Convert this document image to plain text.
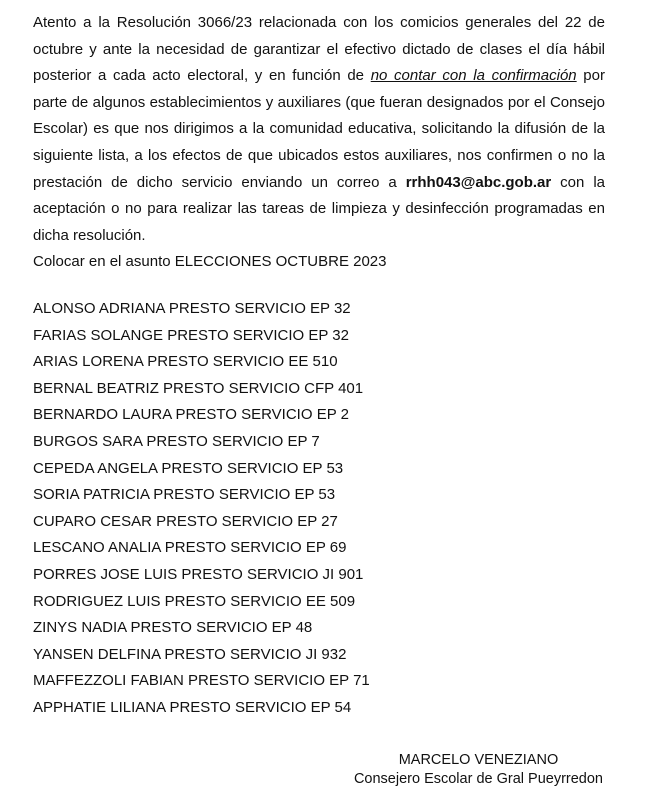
Atento a la Resolución 3066/23 relacionada con los comicios generales del 22 de octubre y ante la necesidad de garantizar el efectivo dictado de clases el día hábil posterior a cada acto electoral, y en función de no contar con la confirmación por parte de algunos establecimientos y auxiliares (que fueran designados por el Consejo Escolar) es que nos dirigimos a la comunidad educativa, solicitando la difusión de la siguiente lista, a los efectos de que ubicados estos auxiliares, nos confirmen o no la prestación de dicho servicio enviando un correo a rrhh043@abc.gob.ar con la aceptación o no para realizar las tareas de limpieza y desinfección programadas en dicha resolución.

Colocar en el asunto ELECCIONES OCTUBRE 2023

ALONSO ADRIANA PRESTO SERVICIO EP 32
FARIAS SOLANGE PRESTO SERVICIO EP 32
ARIAS LORENA PRESTO SERVICIO EE 510
BERNAL BEATRIZ PRESTO SERVICIO CFP 401
BERNARDO LAURA PRESTO SERVICIO EP 2
BURGOS SARA PRESTO SERVICIO EP 7
CEPEDA ANGELA PRESTO SERVICIO EP 53
SORIA PATRICIA PRESTO SERVICIO EP 53
CUPARO CESAR PRESTO SERVICIO EP 27
LESCANO ANALIA PRESTO SERVICIO EP 69
PORRES JOSE LUIS PRESTO SERVICIO JI 901
RODRIGUEZ LUIS PRESTO SERVICIO EE 509
ZINYS NADIA PRESTO SERVICIO EP 48
YANSEN DELFINA PRESTO SERVICIO JI 932
MAFFEZZOLI FABIAN PRESTO SERVICIO EP 71
APPHATIE LILIANA PRESTO SERVICIO EP 54
MARCELO VENEZIANO
Consejero Escolar de Gral Pueyrredon
